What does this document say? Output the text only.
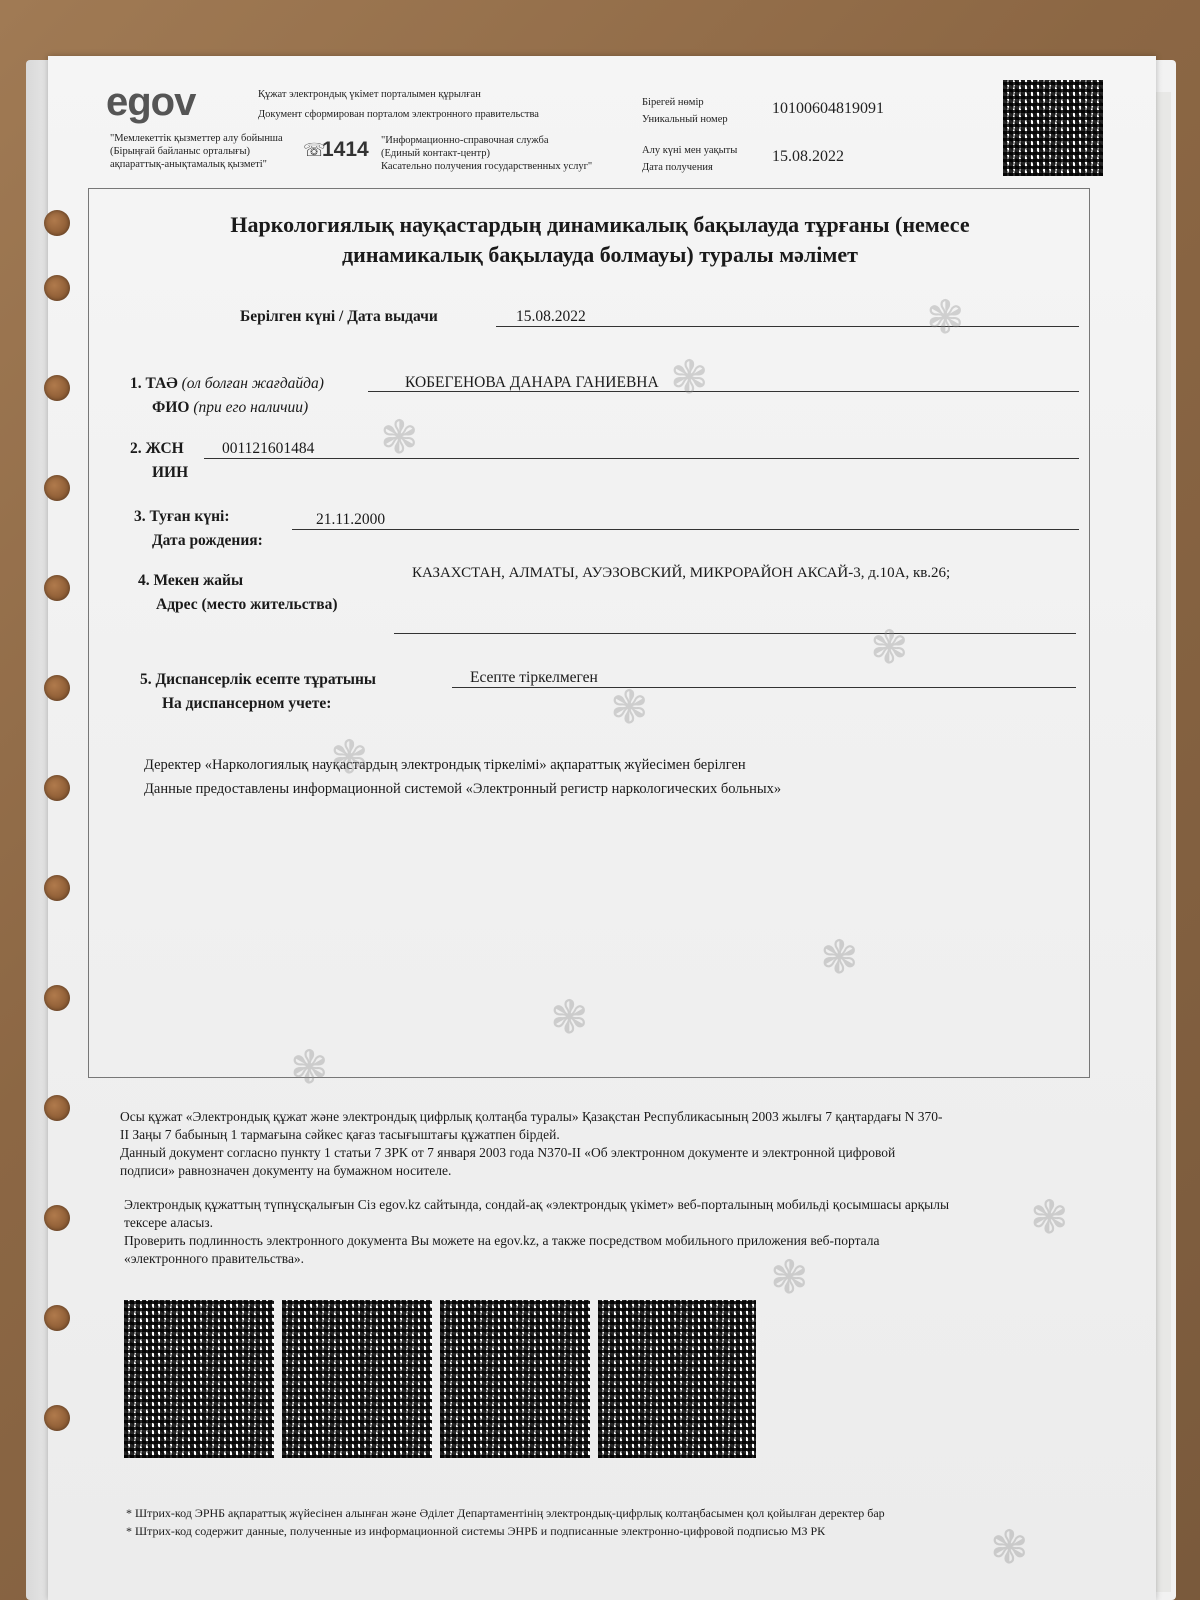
egov	Құжат электрондық үкімет порталымен құрылған
Документ сформирован порталом электронного правительства
"Мемлекеттік қызметтер алу бойынша
(Бірыңғай байланыс орталығы)
ақпараттық-анықтамалық қызметі"
☏
1414 "Информационно-справочная служба
(Единый контакт-центр)
Касательно получения государственных услуг"
Бірегей нөмір
Уникальный номер
10100604819091
Алу күні мен уақыты
Дата получения
15.08.2022
Наркологиялық науқастардың динамикалық бақылауда тұрғаны (немесе
динамикалық бақылауда болмауы) туралы мәлімет
Берілген күні / Дата выдачи	15.08.2022
1. ТАӘ (ол болған жағдайда)
ФИО (при его наличии)
КОБЕГЕНОВА ДАНАРА ГАНИЕВНА
2. ЖСН
ИИН
001121601484
3. Туған күні:
Дата рождения:
21.11.2000
4. Мекен жайы
Адрес (место жительства)
КАЗАХСТАН, АЛМАТЫ, АУЭЗОВСКИЙ, МИКРОРАЙОН АКСАЙ-3, д.10А, кв.26;
5. Диспансерлік есепте тұратыны
На диспансерном учете:
Есепте тіркелмеген
Деректер «Наркологиялық науқастардың электрондық тіркелімі» ақпараттық жүйесімен берілген
Данные предоставлены информационной системой «Электронный регистр наркологических больных»
Осы құжат «Электрондық құжат және электрондық цифрлық қолтаңба туралы» Қазақстан Республикасының 2003 жылғы 7 қаңтардағы N 370-
II Заңы 7 бабының 1 тармағына сәйкес қағаз тасығыштағы құжатпен бірдей.
Данный документ согласно пункту 1 статьи 7 ЗРК от 7 января 2003 года N370-II «Об электронном документе и электронной цифровой
подписи» равнозначен документу на бумажном носителе.
Электрондық құжаттың түпнұсқалығын Сіз egov.kz сайтында, сондай-ақ «электрондық үкімет» веб-порталының мобильді қосымшасы арқылы
тексере аласыз.
Проверить подлинность электронного документа Вы можете на egov.kz, а также посредством мобильного приложения веб-портала
«электронного правительства».
* Штрих-код ЭРНБ ақпараттық жүйесінен алынған және Әділет Департаментінің электрондық-цифрлық колтаңбасымен қол қойылған деректер бар
* Штрих-код содержит данные, полученные из информационной системы ЭНРБ и подписанные электронно-цифровой подписью МЗ РК
❃
❃
❃
❃
❃
❃
❃
❃
❃
❃
❃
❃
